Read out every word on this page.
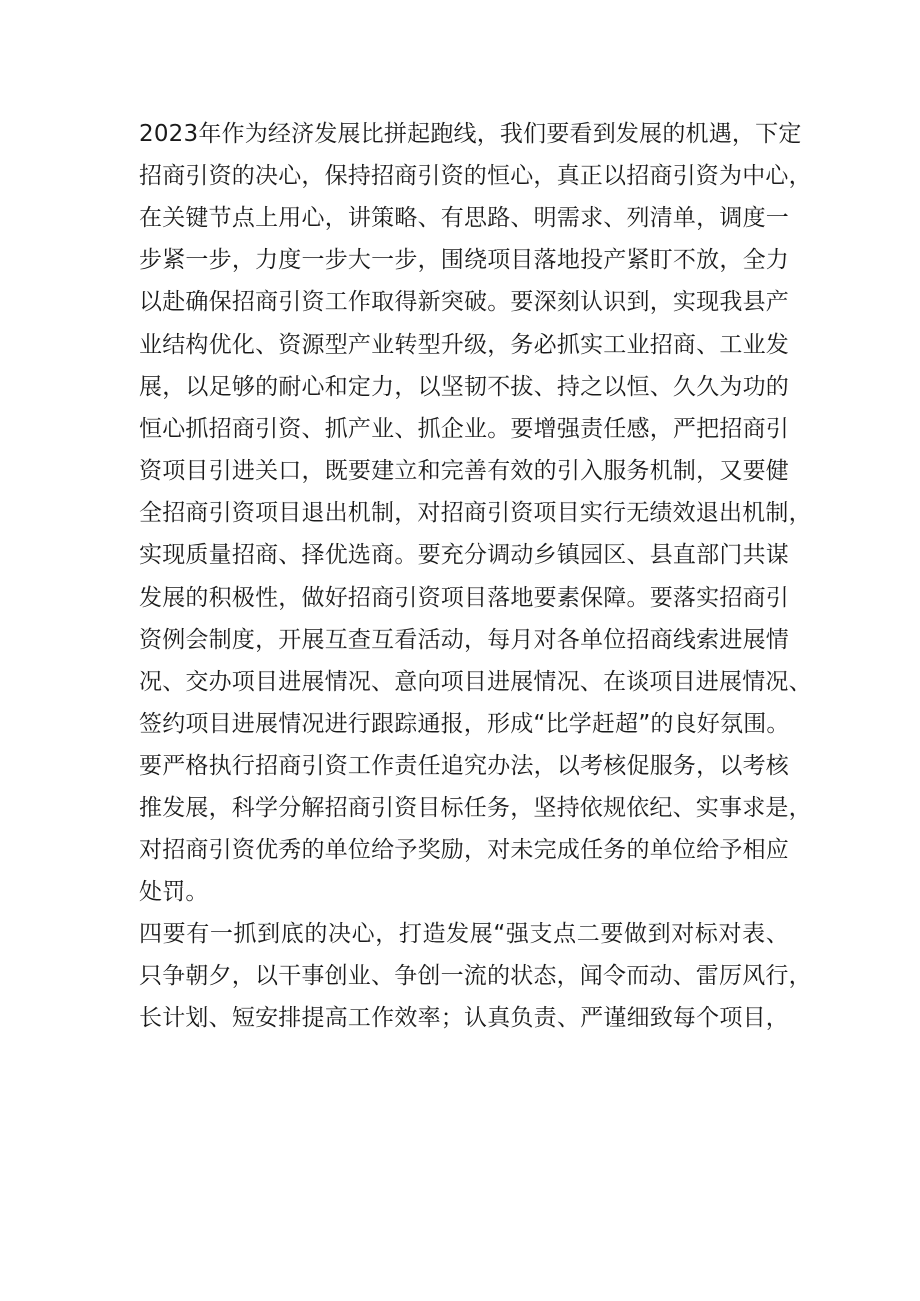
2023年作为经济发展比拼起跑线，我们要看到发展的机遇，下定
招商引资的决心，保持招商引资的恒心，真正以招商引资为中心，
在关键节点上用心，讲策略、有思路、明需求、列清单，调度一
步紧一步，力度一步大一步，围绕项目落地投产紧盯不放，全力
以赴确保招商引资工作取得新突破。要深刻认识到，实现我县产
业结构优化、资源型产业转型升级，务必抓实工业招商、工业发
展，以足够的耐心和定力，以坚韧不拔、持之以恒、久久为功的
恒心抓招商引资、抓产业、抓企业。要增强责任感，严把招商引
资项目引进关口，既要建立和完善有效的引入服务机制，又要健
全招商引资项目退出机制，对招商引资项目实行无绩效退出机制，
实现质量招商、择优选商。要充分调动乡镇园区、县直部门共谋
发展的积极性，做好招商引资项目落地要素保障。要落实招商引
资例会制度，开展互查互看活动，每月对各单位招商线索进展情
况、交办项目进展情况、意向项目进展情况、在谈项目进展情况、
签约项目进展情况进行跟踪通报，形成“比学赶超”的良好氛围。
要严格执行招商引资工作责任追究办法，以考核促服务，以考核
推发展，科学分解招商引资目标任务，坚持依规依纪、实事求是，
对招商引资优秀的单位给予奖励，对未完成任务的单位给予相应
处罚。
四要有一抓到底的决心，打造发展“强支点二要做到对标对表、
只争朝夕，以干事创业、争创一流的状态，闻令而动、雷厉风行，
长计划、短安排提高工作效率；认真负责、严谨细致每个项目，
